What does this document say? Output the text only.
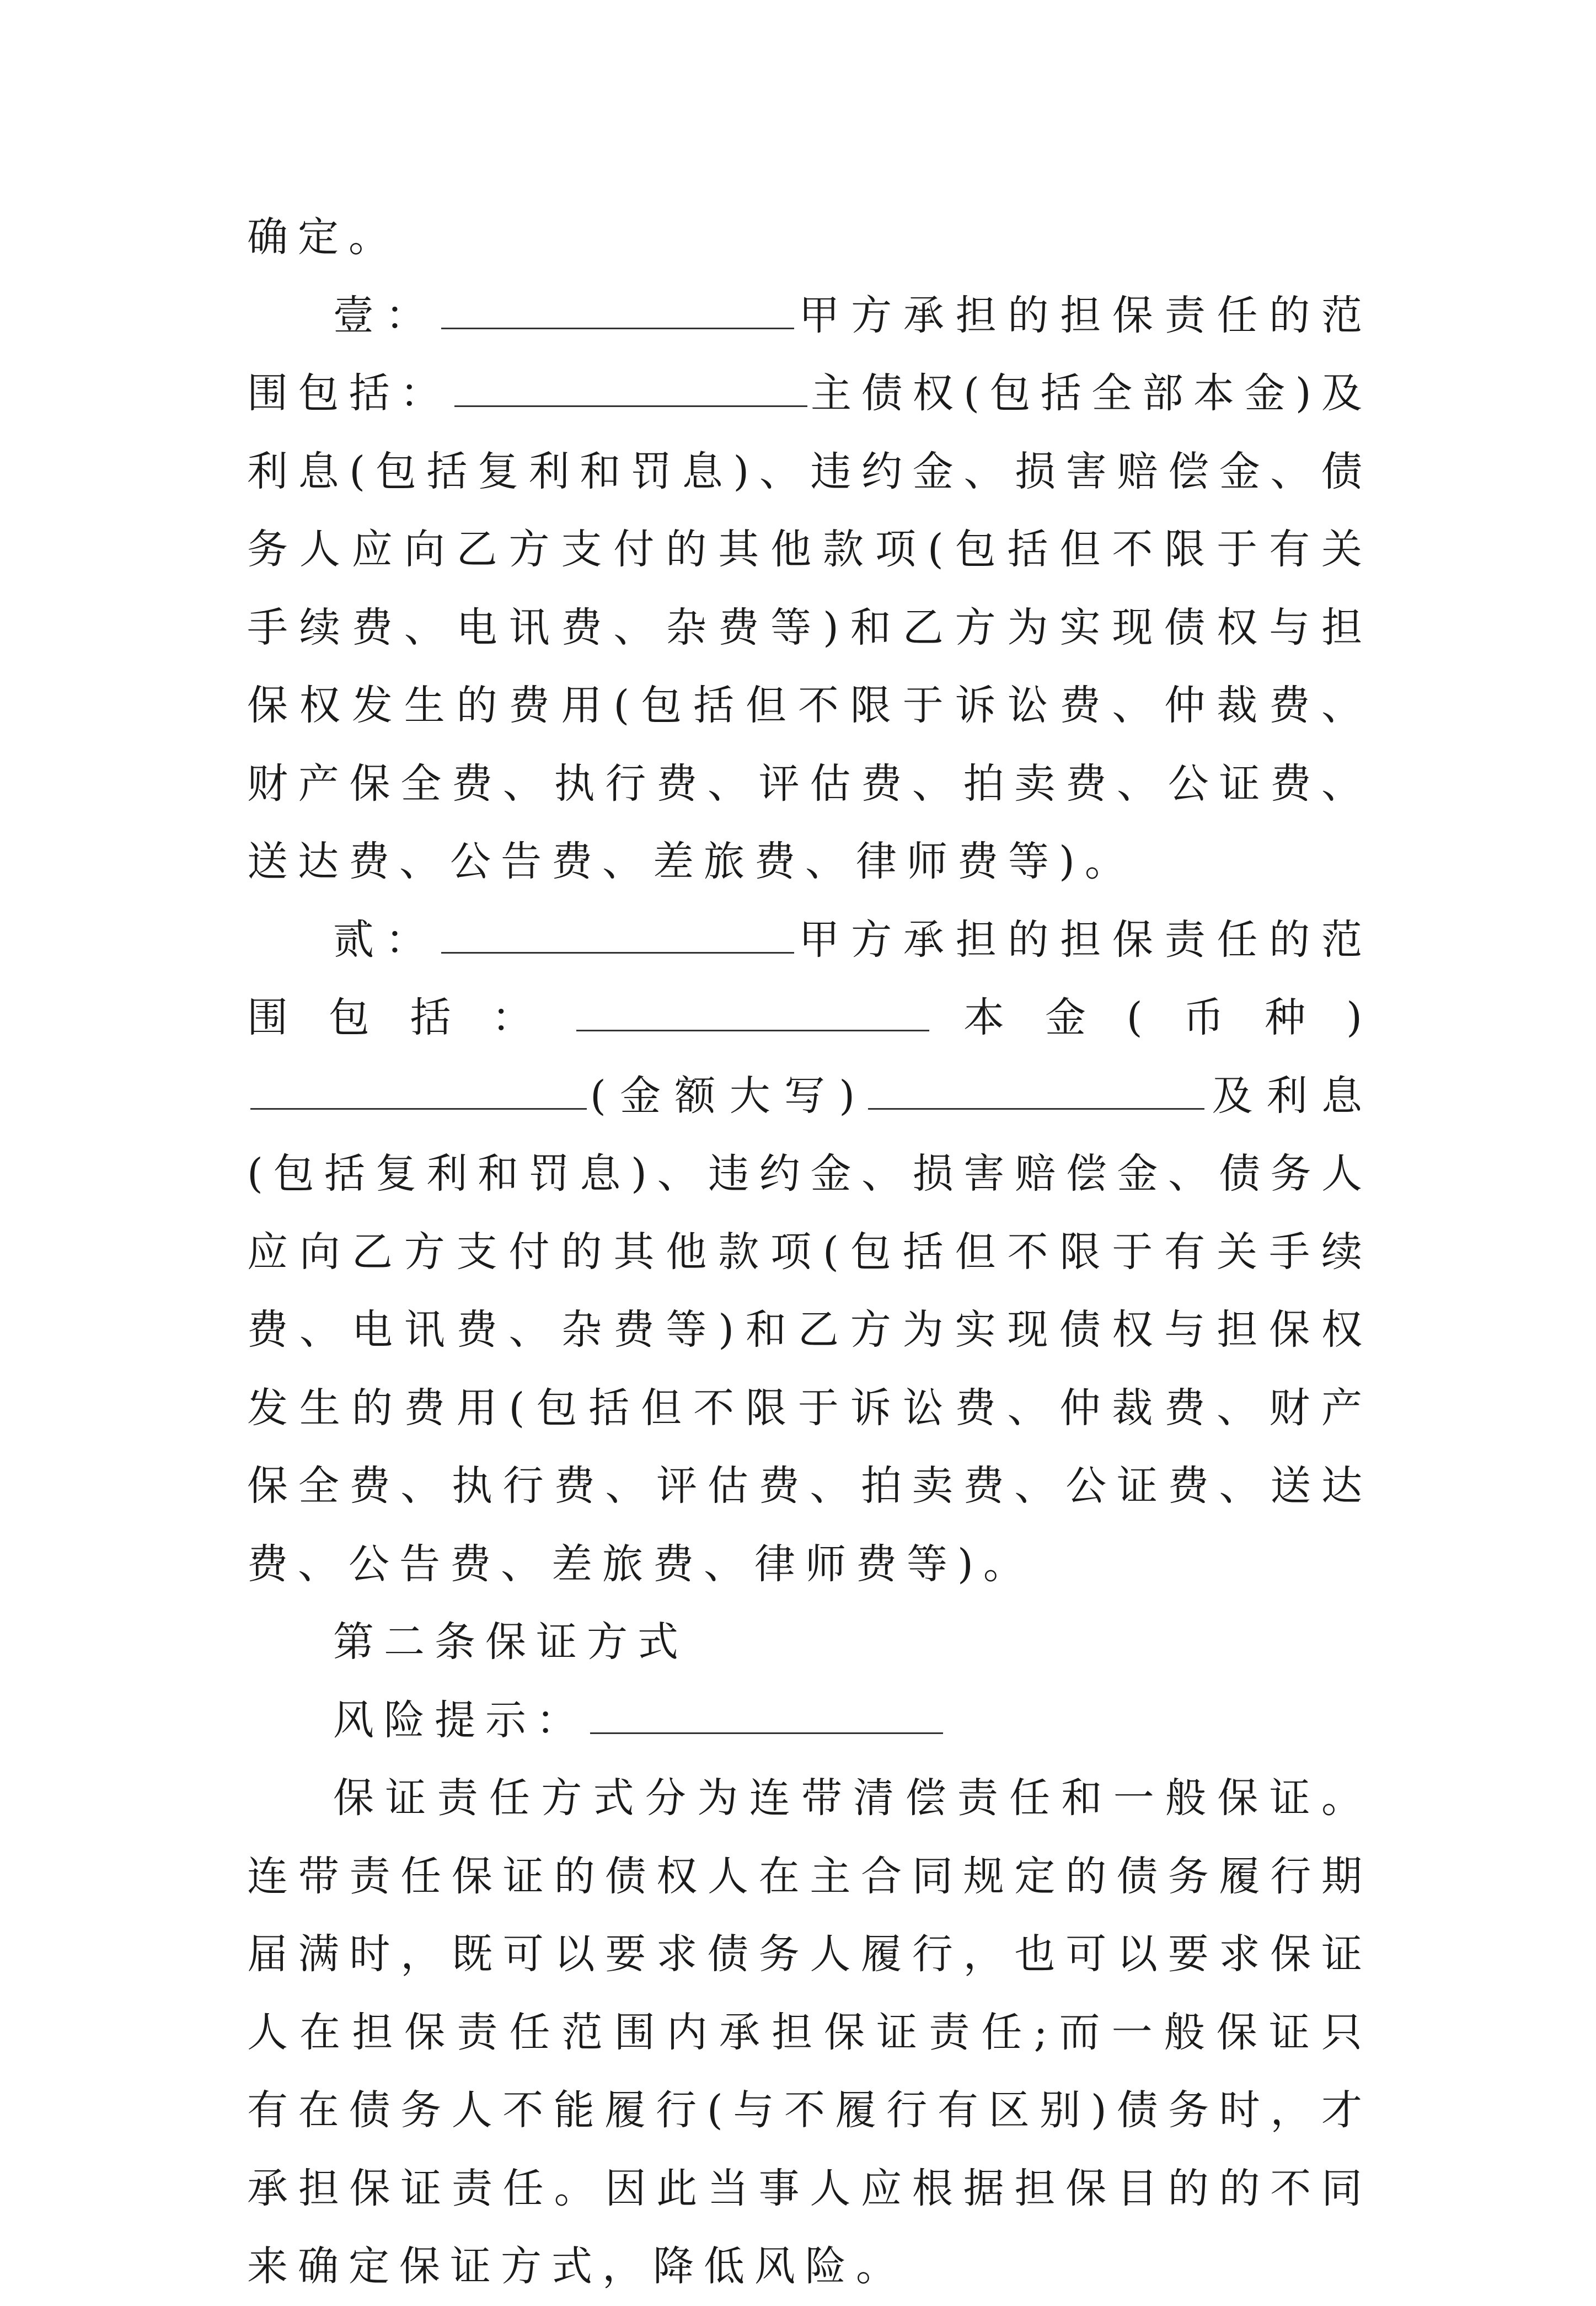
确定。

壹：	甲方承担的担保责任的范围包括：	主债权(包括全部本金)及利息(包括复利和罚息)、违约金、损害赔偿金、债务人应向乙方支付的其他款项(包括但不限于有关手续费、电讯费、杂费等)和乙方为实现债权与担保权发生的费用(包括但不限于诉讼费、仲裁费、财产保全费、执行费、评估费、拍卖费、公证费、送达费、公告费、差旅费、律师费等)。

贰：	甲方承担的担保责任的范围包括：	本金(币种)(金额大写)	及利息(包括复利和罚息)、违约金、损害赔偿金、债务人应向乙方支付的其他款项(包括但不限于有关手续费、电讯费、杂费等)和乙方为实现债权与担保权发生的费用(包括但不限于诉讼费、仲裁费、财产保全费、执行费、评估费、拍卖费、公证费、送达费、公告费、差旅费、律师费等)。

第二条保证方式

风险提示：

保证责任方式分为连带清偿责任和一般保证。连带责任保证的债权人在主合同规定的债务履行期届满时，既可以要求债务人履行，也可以要求保证人在担保责任范围内承担保证责任;而一般保证只有在债务人不能履行(与不履行有区别)债务时，才承担保证责任。因此当事人应根据担保目的的不同来确定保证方式，降低风险。
